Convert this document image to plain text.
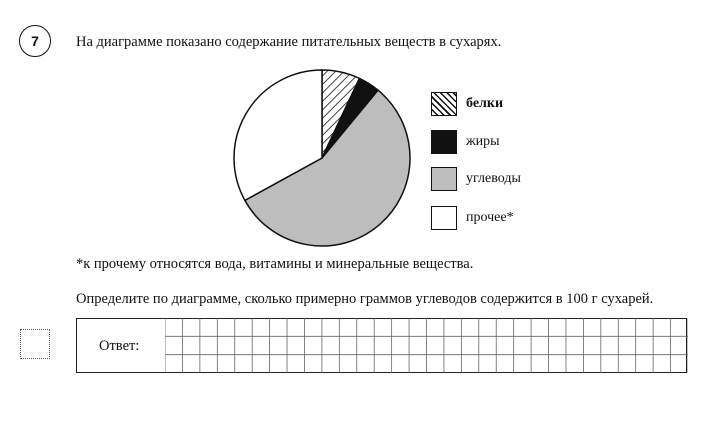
7	На диаграмме показано содержание питательных веществ в сухарях.
белки
жиры
углеводы
прочее*
*к прочему относятся вода, витамины и минеральные вещества.
Определите по диаграмме, сколько примерно граммов углеводов содержится в 100 г сухарей.
Ответ:
